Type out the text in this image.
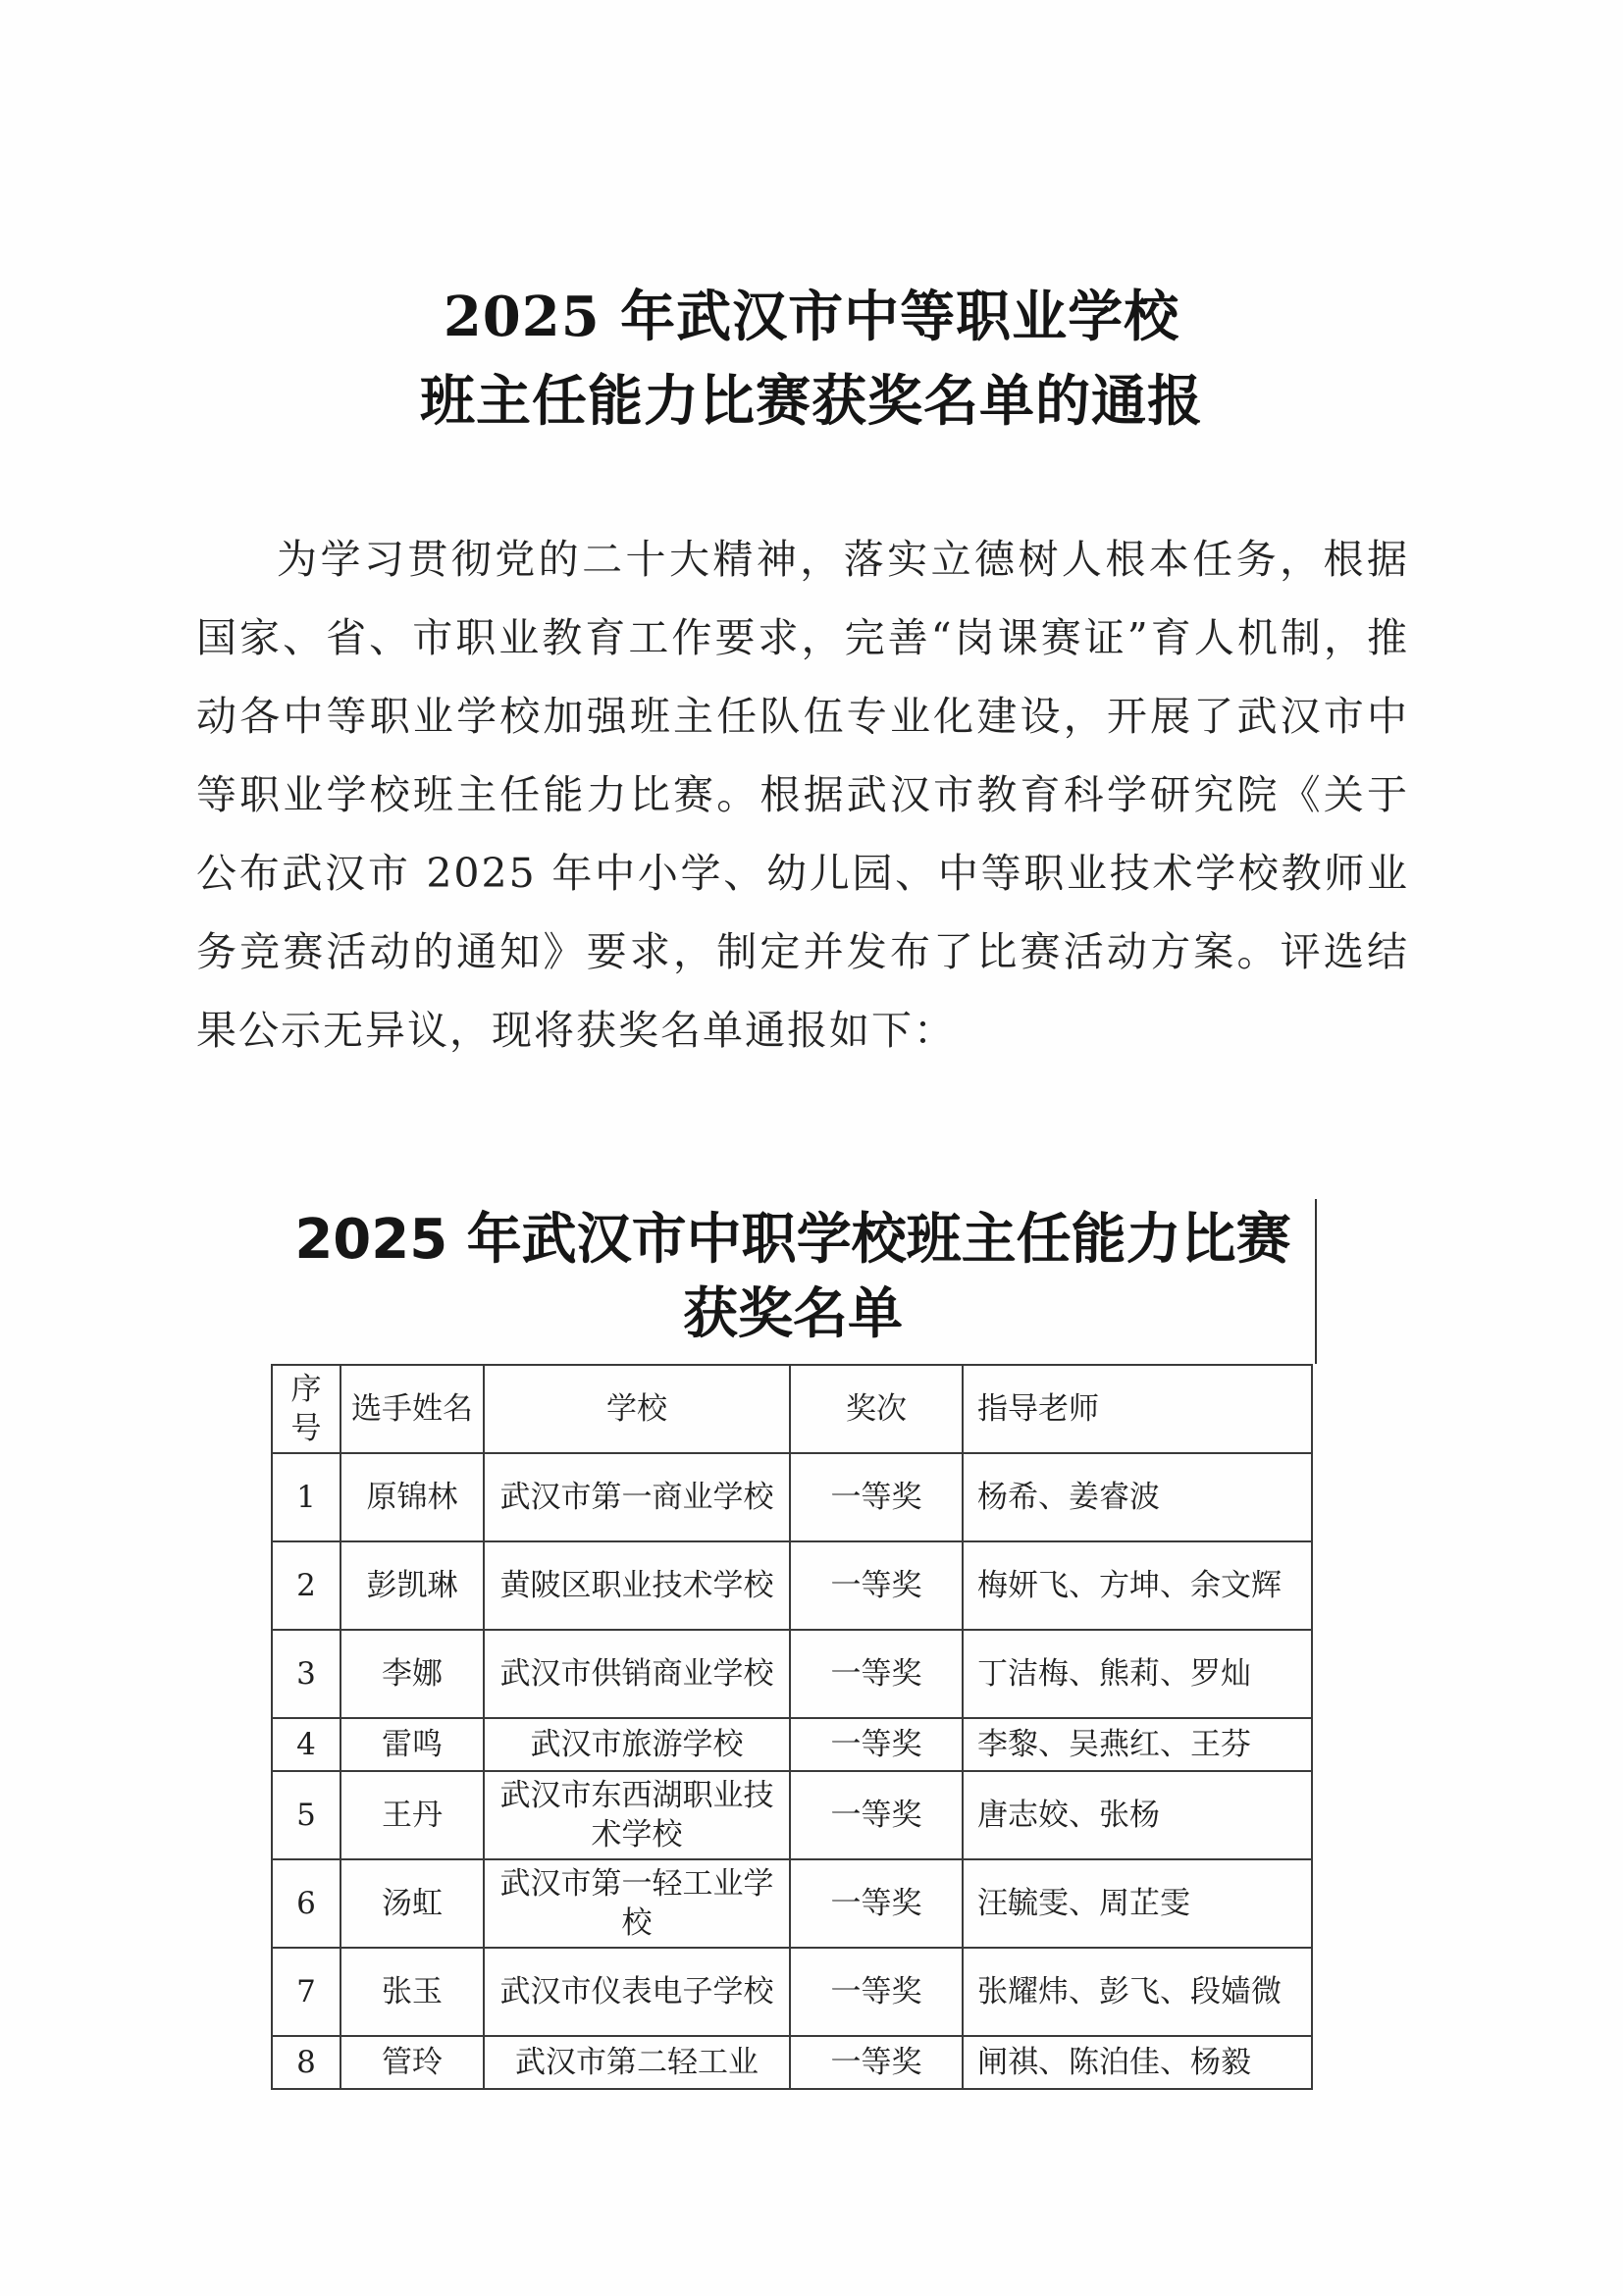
2025 年武汉市中等职业学校
班主任能力比赛获奖名单的通报

为学习贯彻党的二十大精神，落实立德树人根本任务，根据国家、省、市职业教育工作要求，完善“岗课赛证”育人机制，推动各中等职业学校加强班主任队伍专业化建设，开展了武汉市中等职业学校班主任能力比赛。根据武汉市教育科学研究院《关于公布武汉市 2025 年中小学、幼儿园、中等职业技术学校教师业务竞赛活动的通知》要求，制定并发布了比赛活动方案。评选结果公示无异议，现将获奖名单通报如下：

2025 年武汉市中职学校班主任能力比赛获奖名单
序号	选手姓名	学校	奖次	指导老师
1	原锦林	武汉市第一商业学校	一等奖	杨希、姜睿波
2	彭凯琳	黄陂区职业技术学校	一等奖	梅妍飞、方坤、余文辉
3	李娜	武汉市供销商业学校	一等奖	丁洁梅、熊莉、罗灿
4	雷鸣	武汉市旅游学校	一等奖	李黎、吴燕红、王芬
5	王丹	武汉市东西湖职业技术学校	一等奖	唐志姣、张杨
6	汤虹	武汉市第一轻工业学校	一等奖	汪毓雯、周芷雯
7	张玉	武汉市仪表电子学校	一等奖	张耀炜、彭飞、段嫱微
8	管玲	武汉市第二轻工业	一等奖	闸祺、陈泊佳、杨毅
